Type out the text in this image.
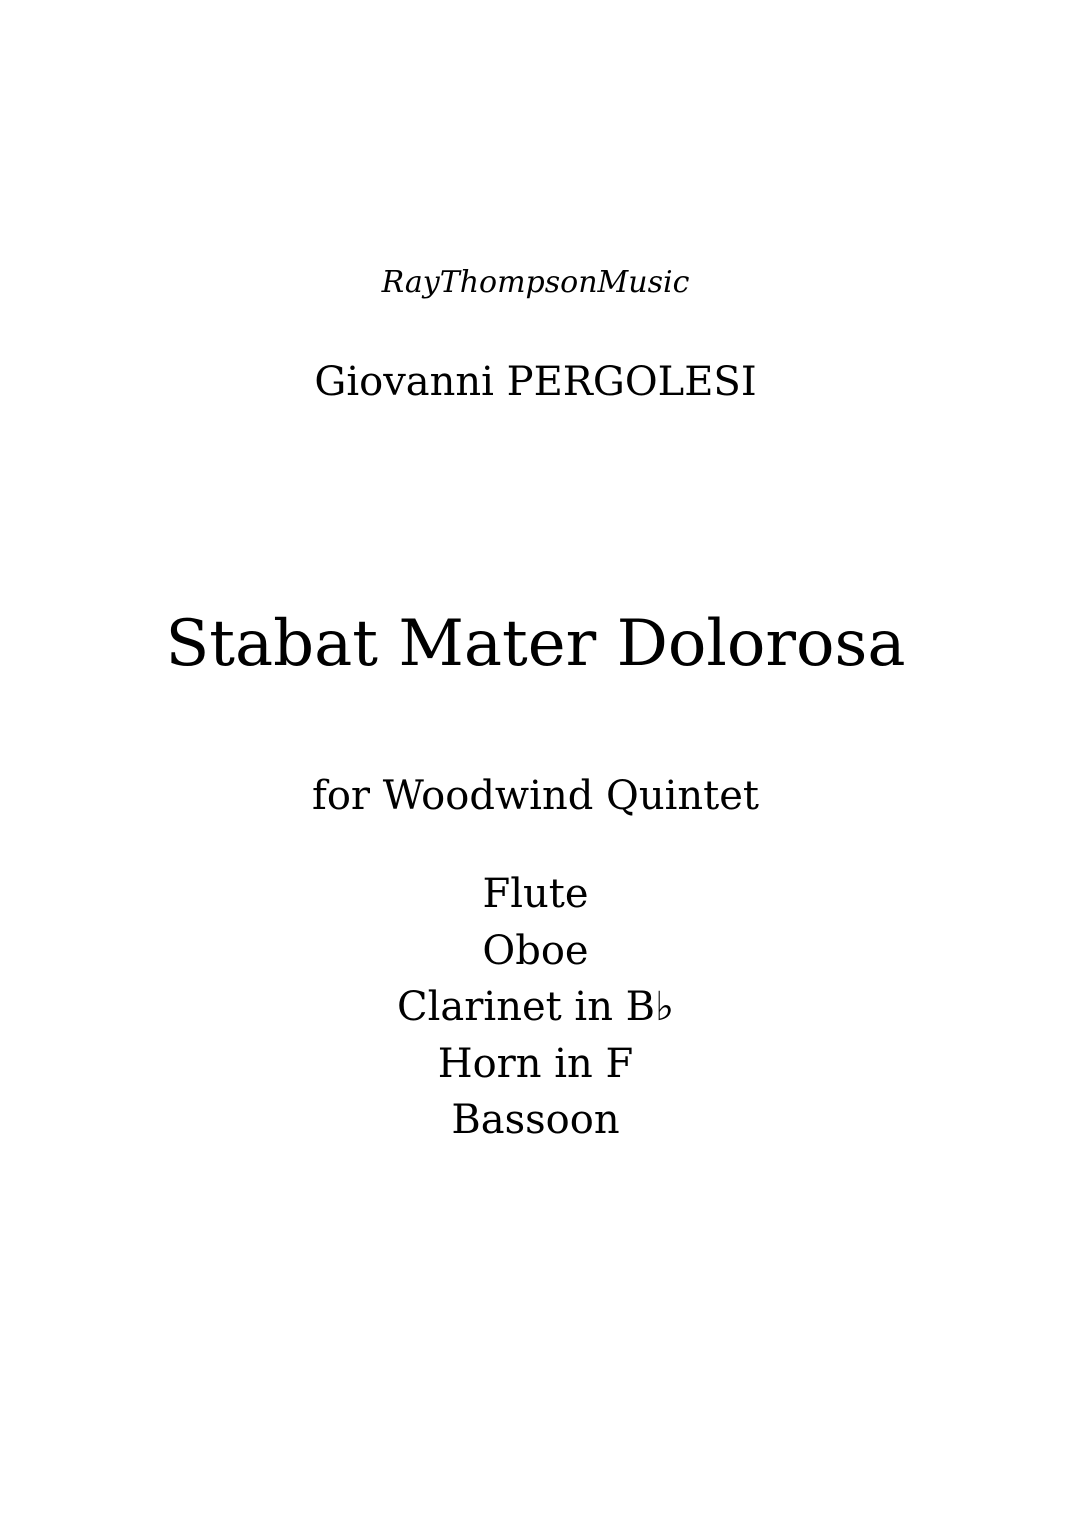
RayThompsonMusic
Giovanni PERGOLESI
Stabat Mater Dolorosa
for Woodwind Quintet
Flute
Oboe
Clarinet in B♭
Horn in F
Bassoon
